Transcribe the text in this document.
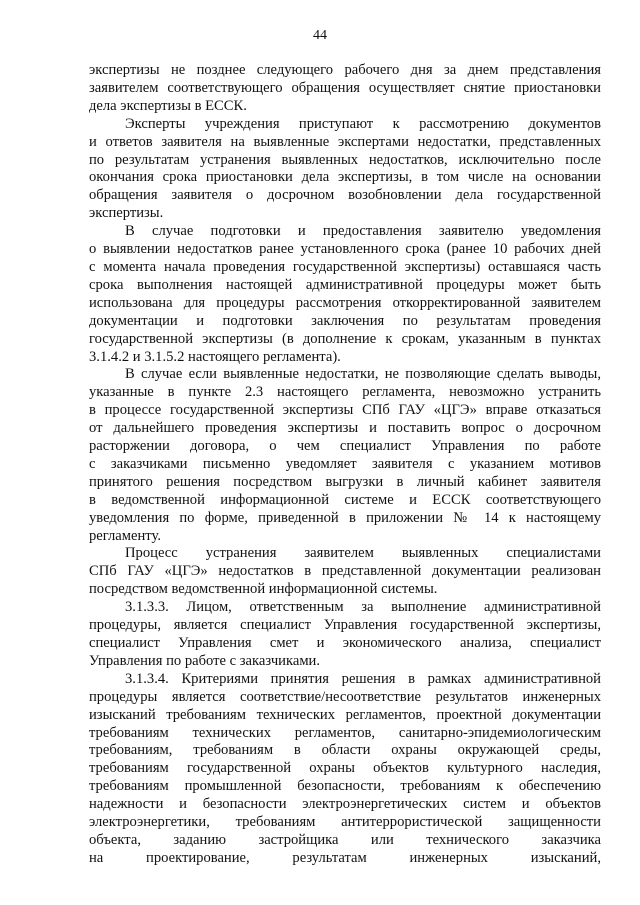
44

экспертизы не позднее следующего рабочего дня за днем представления
заявителем соответствующего обращения осуществляет снятие приостановки
дела экспертизы в ЕССК.

Эксперты учреждения приступают к рассмотрению документов
и ответов заявителя на выявленные экспертами недостатки, представленных
по результатам устранения выявленных недостатков, исключительно после
окончания срока приостановки дела экспертизы, в том числе на основании
обращения заявителя о досрочном возобновлении дела государственной
экспертизы.

В случае подготовки и предоставления заявителю уведомления
о выявлении недостатков ранее установленного срока (ранее 10 рабочих дней
с момента начала проведения государственной экспертизы) оставшаяся часть
срока выполнения настоящей административной процедуры может быть
использована для процедуры рассмотрения откорректированной заявителем
документации и подготовки заключения по результатам проведения
государственной экспертизы (в дополнение к срокам, указанным в пунктах
3.1.4.2 и 3.1.5.2 настоящего регламента).

В случае если выявленные недостатки, не позволяющие сделать выводы,
указанные в пункте 2.3 настоящего регламента, невозможно устранить
в процессе государственной экспертизы СПб ГАУ «ЦГЭ» вправе отказаться
от дальнейшего проведения экспертизы и поставить вопрос о досрочном
расторжении договора, о чем специалист Управления по работе
с заказчиками письменно уведомляет заявителя с указанием мотивов
принятого решения посредством выгрузки в личный кабинет заявителя
в ведомственной информационной системе и ЕССК соответствующего
уведомления по форме, приведенной в приложении № 14 к настоящему
регламенту.

Процесс устранения заявителем выявленных специалистами
СПб ГАУ «ЦГЭ» недостатков в представленной документации реализован
посредством ведомственной информационной системы.

3.1.3.3. Лицом, ответственным за выполнение административной
процедуры, является специалист Управления государственной экспертизы,
специалист Управления смет и экономического анализа, специалист
Управления по работе с заказчиками.

3.1.3.4. Критериями принятия решения в рамках административной
процедуры является соответствие/несоответствие результатов инженерных
изысканий требованиям технических регламентов, проектной документации
требованиям технических регламентов, санитарно-эпидемиологическим
требованиям, требованиям в области охраны окружающей среды,
требованиям государственной охраны объектов культурного наследия,
требованиям промышленной безопасности, требованиям к обеспечению
надежности и безопасности электроэнергетических систем и объектов
электроэнергетики, требованиям антитеррористической защищенности
объекта, заданию застройщика или технического заказчика
на проектирование, результатам инженерных изысканий,
